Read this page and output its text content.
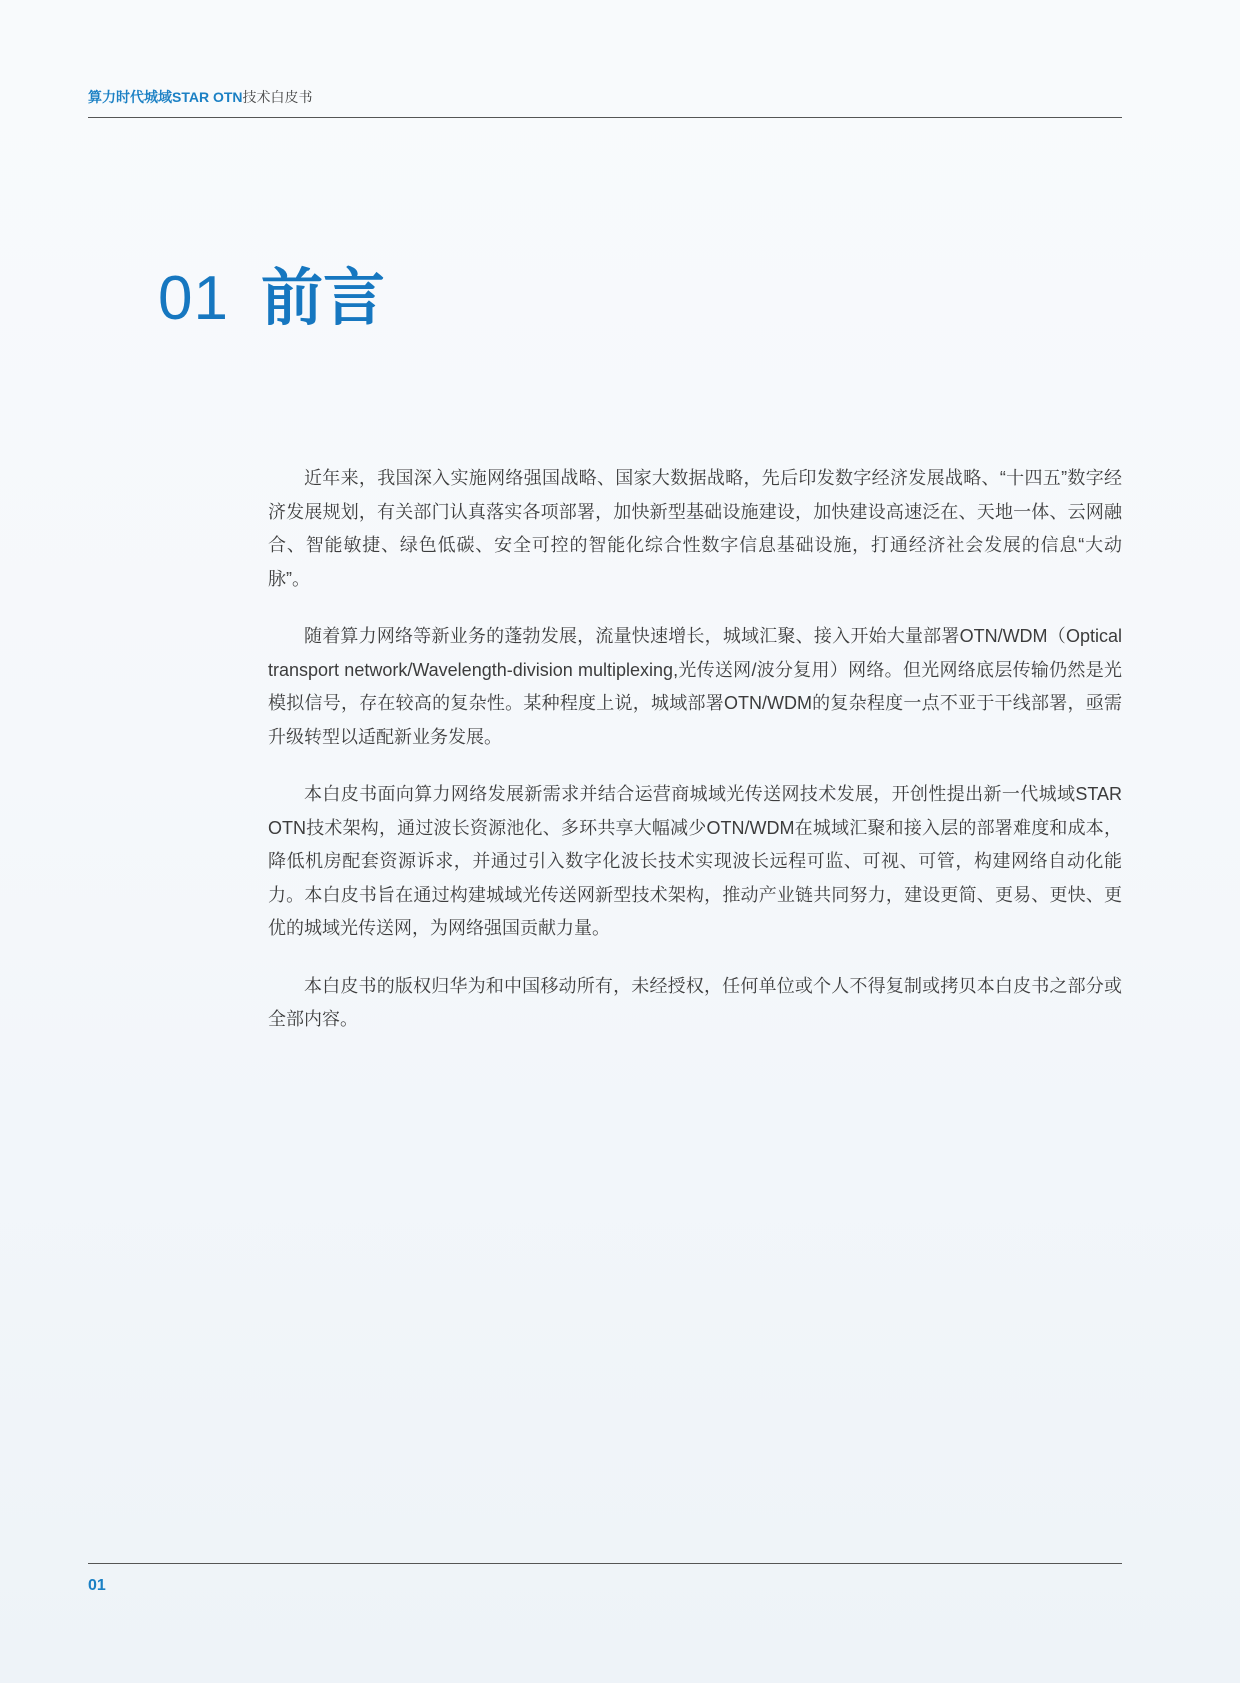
算力时代城域STAR OTN技术白皮书
01 前言

近年来，我国深入实施网络强国战略、国家大数据战略，先后印发数字经济发展战略、“十四五”数字经济发展规划，有关部门认真落实各项部署，加快新型基础设施建设，加快建设高速泛在、天地一体、云网融合、智能敏捷、绿色低碳、安全可控的智能化综合性数字信息基础设施，打通经济社会发展的信息“大动脉”。

随着算力网络等新业务的蓬勃发展，流量快速增长，城域汇聚、接入开始大量部署OTN/WDM（Optical transport network/Wavelength-division multiplexing,光传送网/波分复用）网络。但光网络底层传输仍然是光模拟信号，存在较高的复杂性。某种程度上说，城域部署OTN/WDM的复杂程度一点不亚于干线部署，亟需升级转型以适配新业务发展。

本白皮书面向算力网络发展新需求并结合运营商城域光传送网技术发展，开创性提出新一代城域STAR OTN技术架构，通过波长资源池化、多环共享大幅减少OTN/WDM在城域汇聚和接入层的部署难度和成本，降低机房配套资源诉求，并通过引入数字化波长技术实现波长远程可监、可视、可管，构建网络自动化能力。本白皮书旨在通过构建城域光传送网新型技术架构，推动产业链共同努力，建设更简、更易、更快、更优的城域光传送网，为网络强国贡献力量。

本白皮书的版权归华为和中国移动所有，未经授权，任何单位或个人不得复制或拷贝本白皮书之部分或全部内容。

01
